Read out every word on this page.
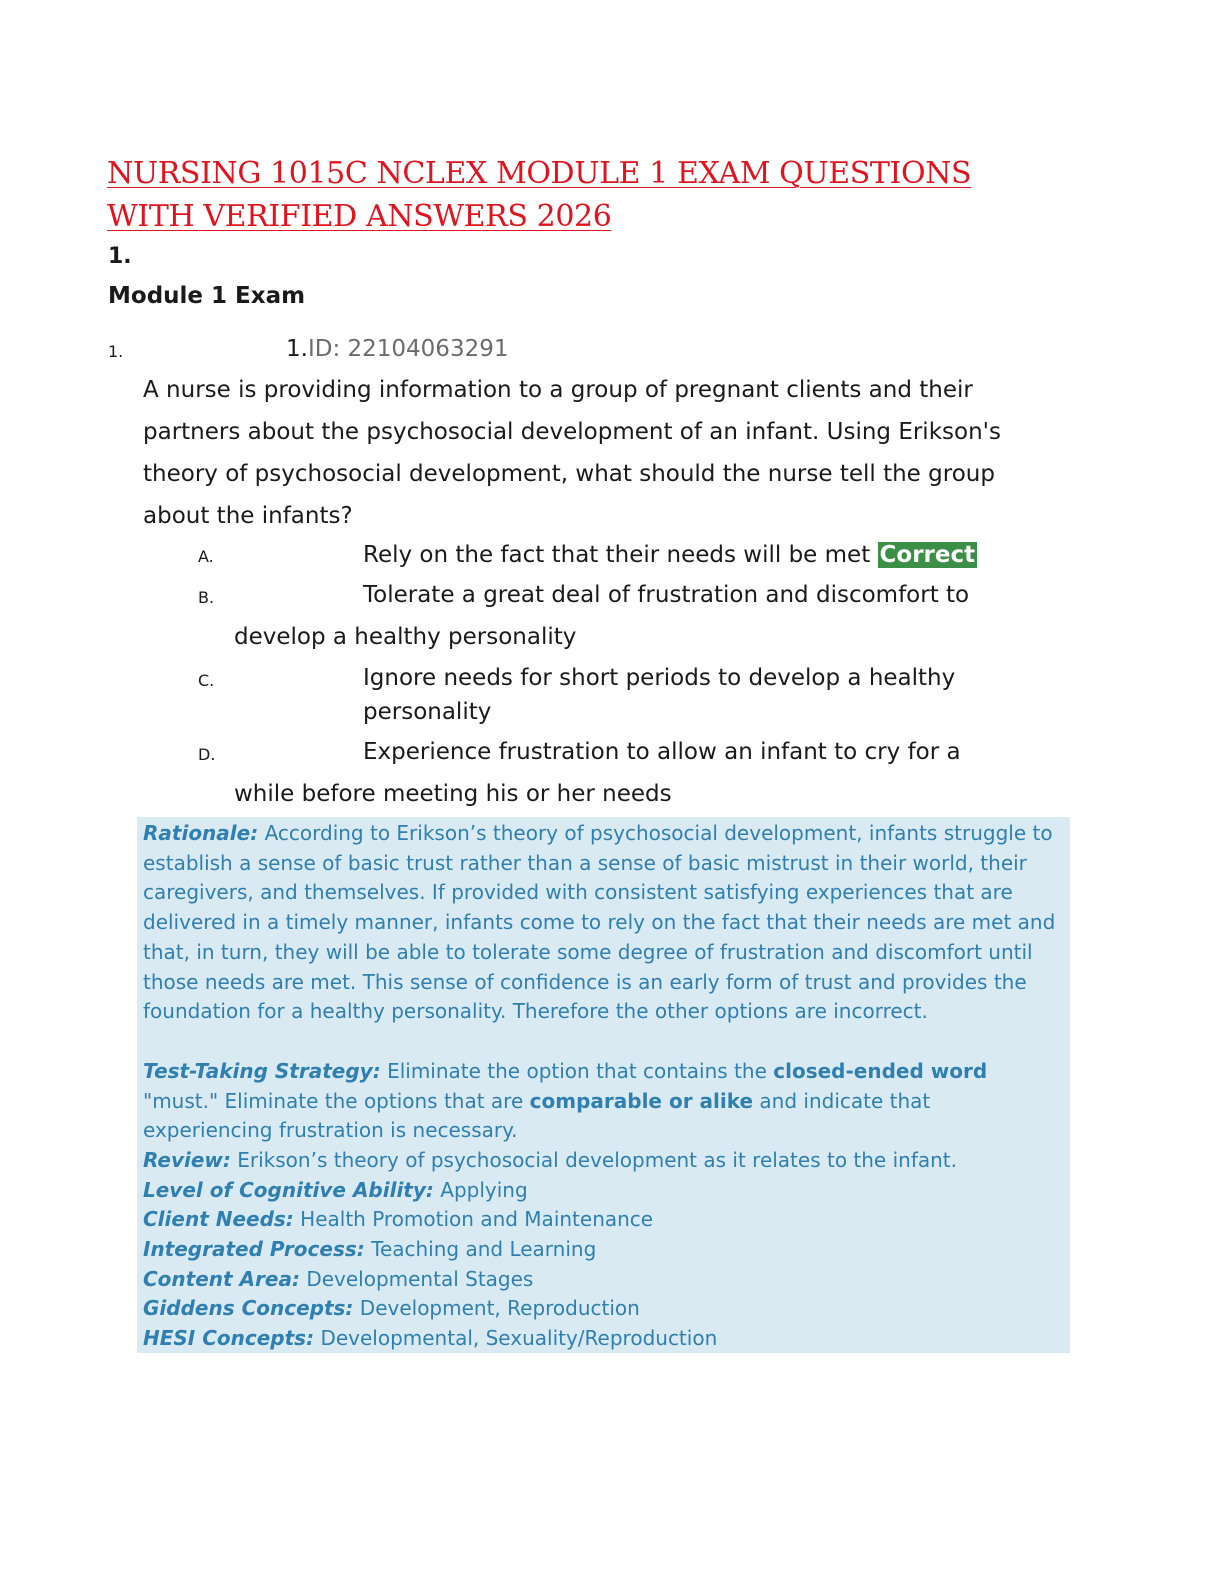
NURSING 1015C NCLEX MODULE 1 EXAM QUESTIONS WITH VERIFIED ANSWERS 2026
1.
Module 1 Exam
1.	1.ID: 22104063291
A nurse is providing information to a group of pregnant clients and their partners about the psychosocial development of an infant. Using Erikson's theory of psychosocial development, what should the nurse tell the group about the infants?
A.	Rely on the fact that their needs will be met Correct
B.	Tolerate a great deal of frustration and discomfort to
develop a healthy personality
C.	Ignore needs for short periods to develop a healthy
personality
D.	Experience frustration to allow an infant to cry for a
while before meeting his or her needs
Rationale: According to Erikson’s theory of psychosocial development, infants struggle to establish a sense of basic trust rather than a sense of basic mistrust in their world, their caregivers, and themselves. If provided with consistent satisfying experiences that are delivered in a timely manner, infants come to rely on the fact that their needs are met and that, in turn, they will be able to tolerate some degree of frustration and discomfort until those needs are met. This sense of confidence is an early form of trust and provides the foundation for a healthy personality. Therefore the other options are incorrect.
Test-Taking Strategy: Eliminate the option that contains the closed-ended word "must." Eliminate the options that are comparable or alike and indicate that experiencing frustration is necessary.
Review: Erikson’s theory of psychosocial development as it relates to the infant.
Level of Cognitive Ability: Applying
Client Needs: Health Promotion and Maintenance
Integrated Process: Teaching and Learning
Content Area: Developmental Stages
Giddens Concepts: Development, Reproduction
HESI Concepts: Developmental, Sexuality/Reproduction
